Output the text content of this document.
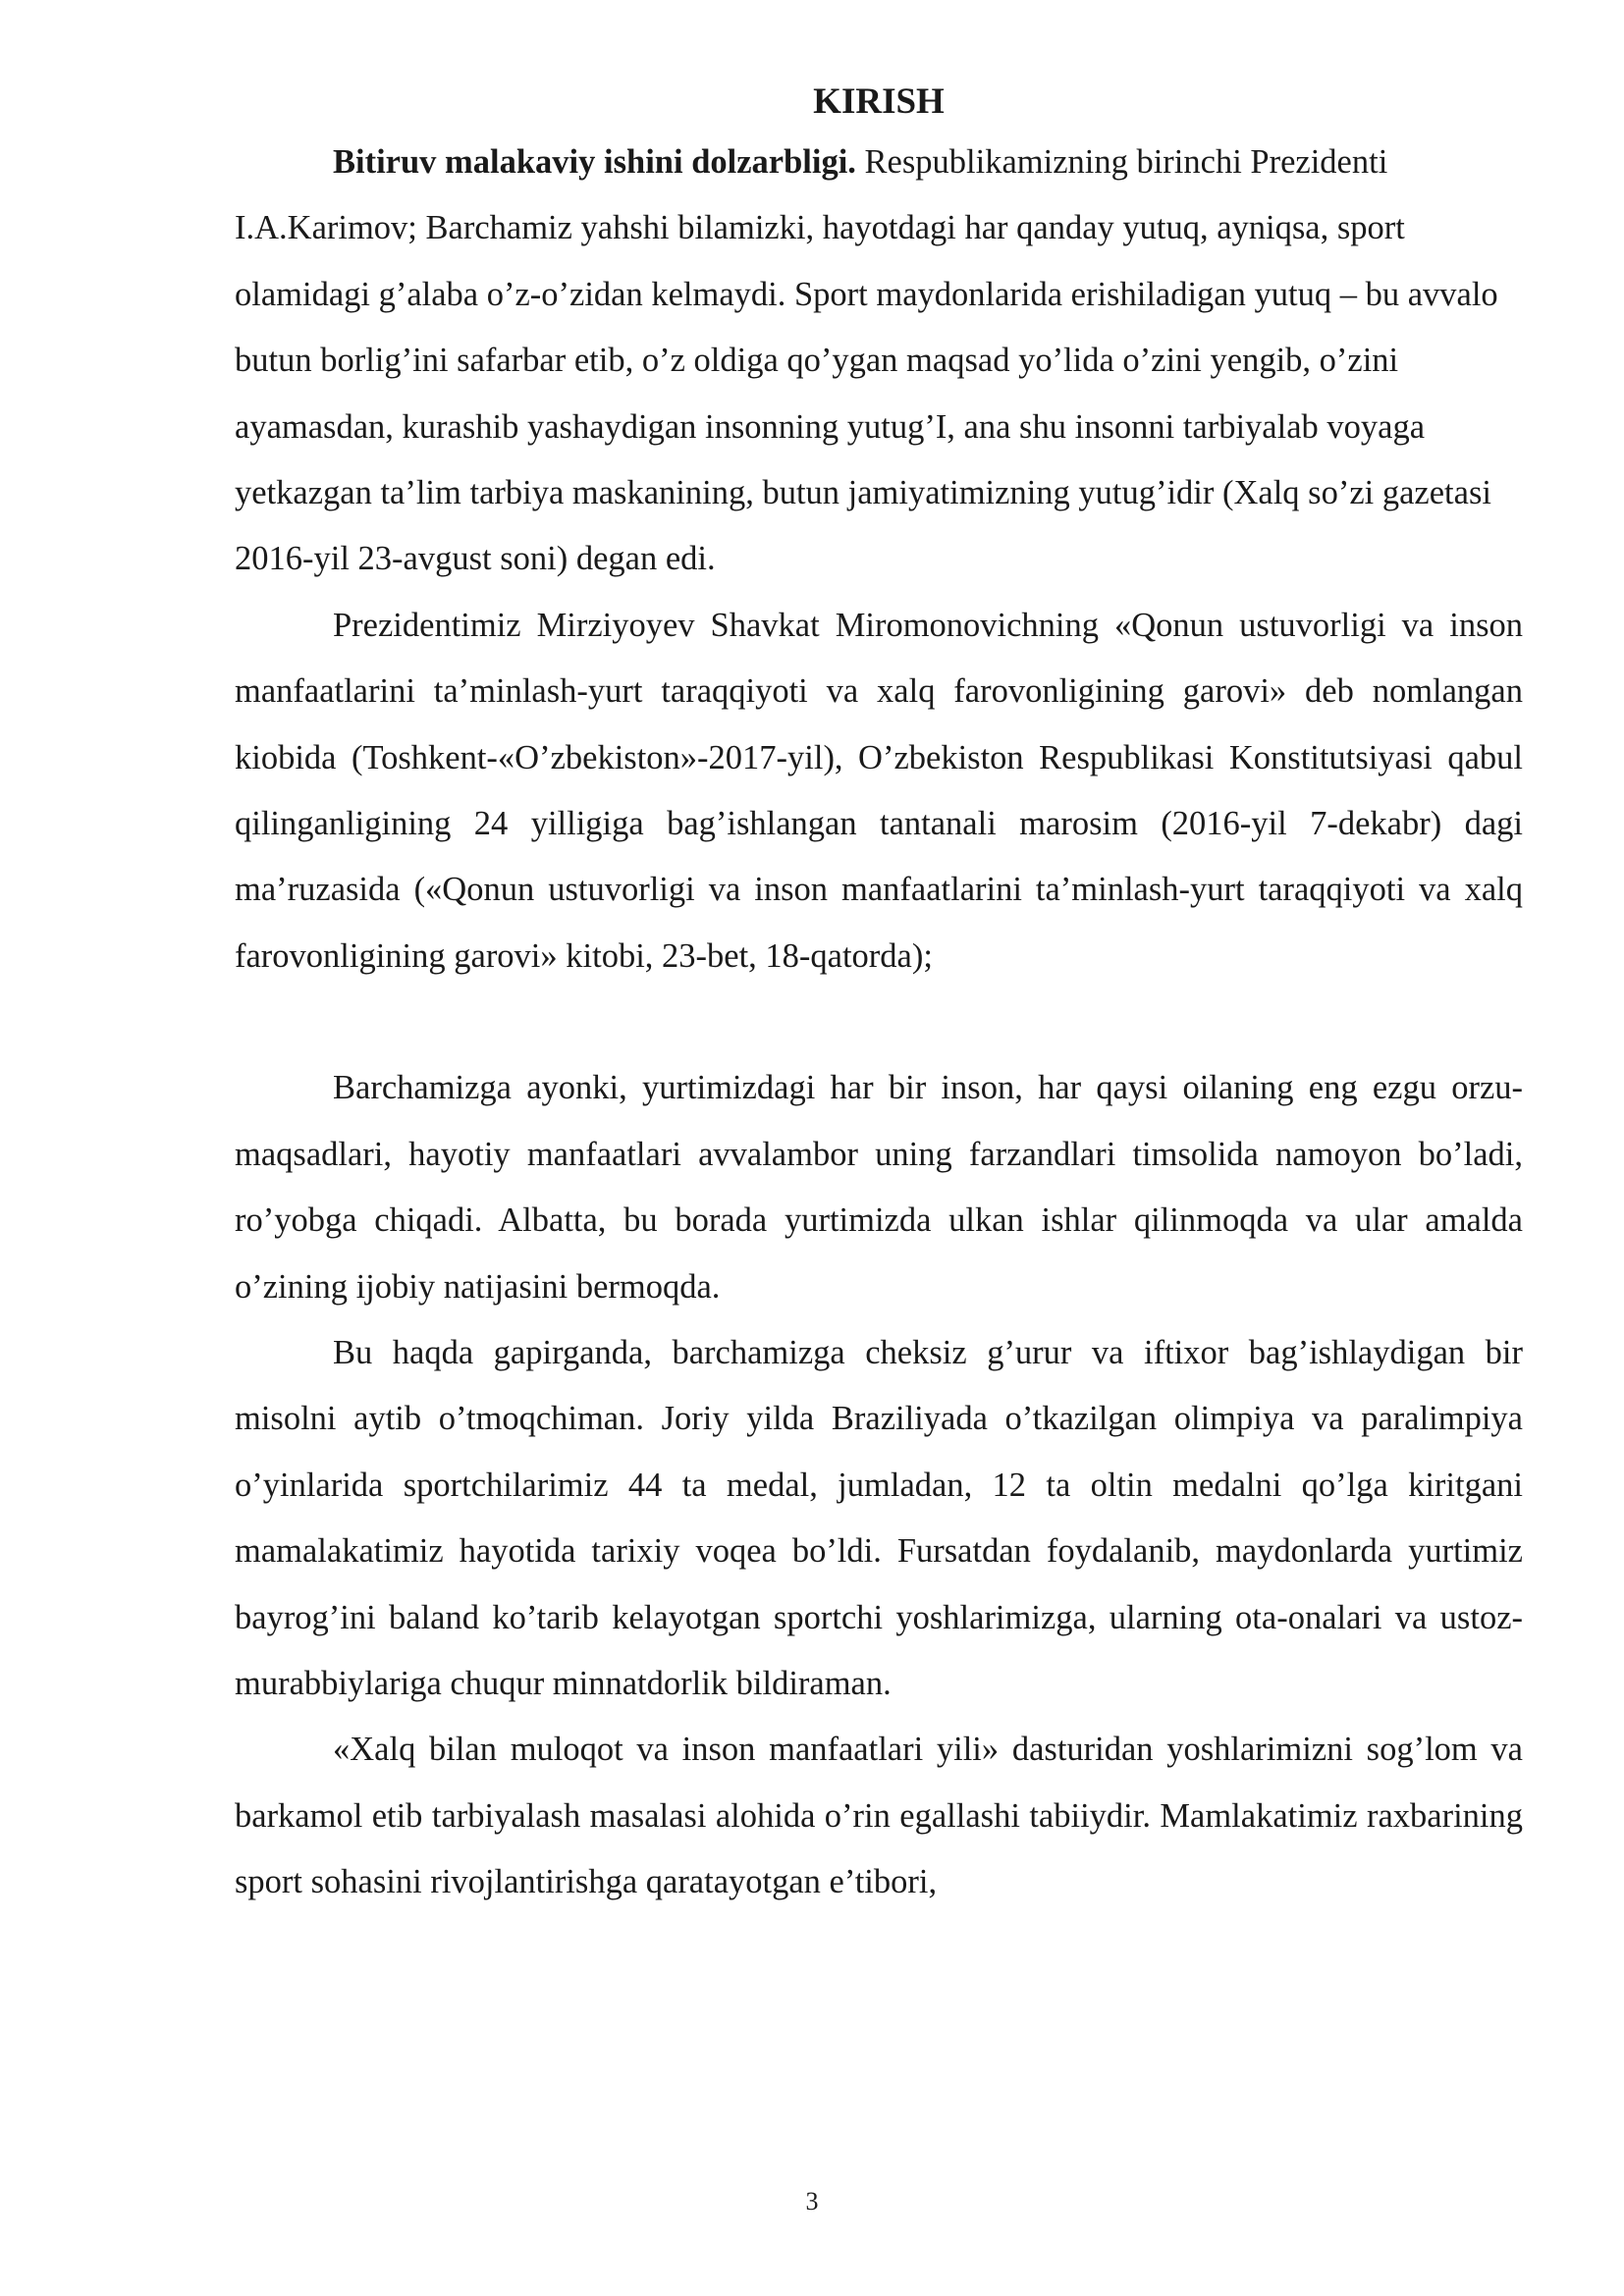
KIRISH

Bitiruv malakaviy ishini dolzarbligi. Respublikamizning birinchi Prezidenti I.A.Karimov; Barchamiz yahshi bilamizki, hayotdagi har qanday yutuq, ayniqsa, sport olamidagi g’alaba o’z-o’zidan kelmaydi. Sport maydonlarida erishiladigan yutuq – bu avvalo butun borlig’ini safarbar etib, o’z oldiga qo’ygan maqsad yo’lida o’zini yengib, o’zini ayamasdan, kurashib yashaydigan insonning yutug’I, ana shu insonni tarbiyalab voyaga yetkazgan ta’lim tarbiya maskanining, butun jamiyatimizning yutug’idir (Xalq so’zi gazetasi 2016-yil 23-avgust soni) degan edi.

Prezidentimiz Mirziyoyev Shavkat Miromonovichning «Qonun ustuvorligi va inson manfaatlarini ta’minlash-yurt taraqqiyoti va xalq farovonligining garovi» deb nomlangan kiobida (Toshkent-«O’zbekiston»-2017-yil), O’zbekiston Respublikasi Konstitutsiyasi qabul qilinganligining 24 yilligiga bag’ishlangan tantanali marosim (2016-yil 7-dekabr) dagi ma’ruzasida («Qonun ustuvorligi va inson manfaatlarini ta’minlash-yurt taraqqiyoti va xalq farovonligining garovi» kitobi, 23-bet, 18-qatorda);

Barchamizga ayonki, yurtimizdagi har bir inson, har qaysi oilaning eng ezgu orzu-maqsadlari, hayotiy manfaatlari avvalambor uning farzandlari timsolida namoyon bo’ladi, ro’yobga chiqadi. Albatta, bu borada yurtimizda ulkan ishlar qilinmoqda va ular amalda o’zining ijobiy natijasini bermoqda.

Bu haqda gapirganda, barchamizga cheksiz g’urur va iftixor bag’ishlaydigan bir misolni aytib o’tmoqchiman. Joriy yilda Braziliyada o’tkazilgan olimpiya va paralimpiya o’yinlarida sportchilarimiz 44 ta medal, jumladan, 12 ta oltin medalni qo’lga kiritgani mamalakatimiz hayotida tarixiy voqea bo’ldi. Fursatdan foydalanib, maydonlarda yurtimiz bayrog’ini baland ko’tarib kelayotgan sportchi yoshlarimizga, ularning ota-onalari va ustoz-murabbiylariga chuqur minnatdorlik bildiraman.

«Xalq bilan muloqot va inson manfaatlari yili» dasturidan yoshlarimizni sog’lom va barkamol etib tarbiyalash masalasi alohida o’rin egallashi tabiiydir. Mamlakatimiz raxbarining sport sohasini rivojlantirishga qaratayotgan e’tibori,

3
